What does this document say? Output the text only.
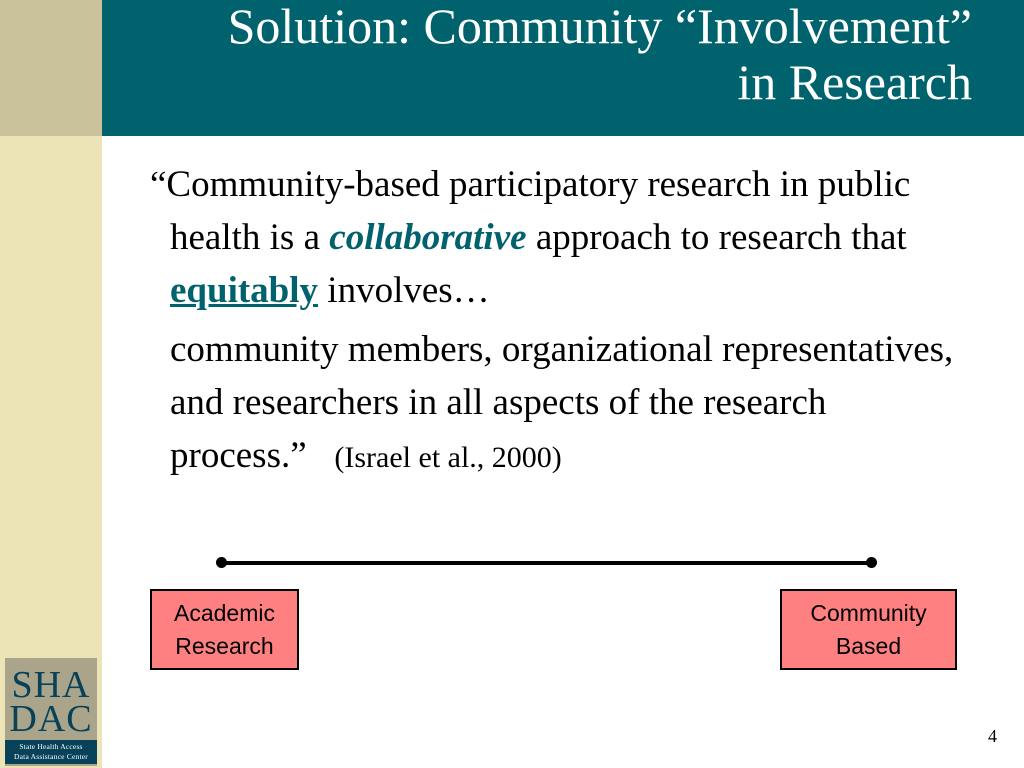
Solution: Community “Involvement”
in Research

“Community-based participatory research in public health is a collaborative approach to research that equitably involves…

community members, organizational representatives, and researchers in all aspects of the research process.” (Israel et al., 2000)

Academic
Research
Community
Based
SHA
DAC
State Health Access
Data Assistance Center
4
